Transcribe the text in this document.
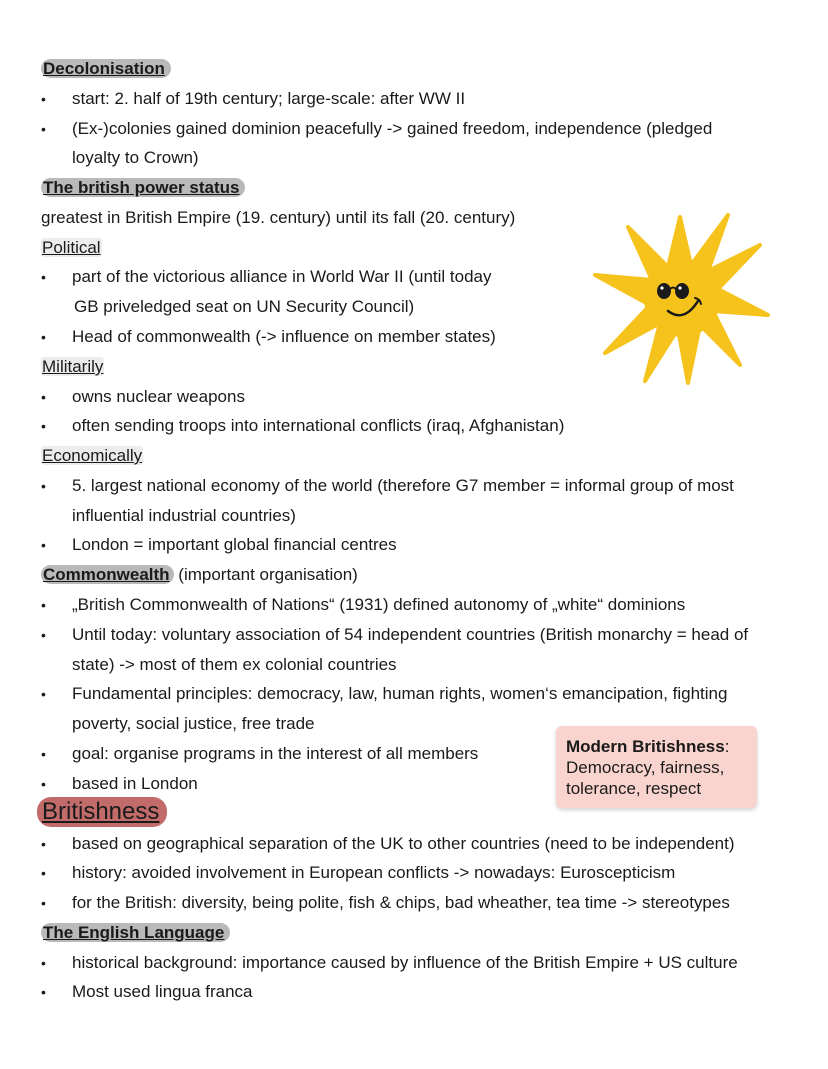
Decolonisation
• start: 2. half of 19th century; large-scale: after WW II
• (Ex-)colonies gained dominion peacefully -> gained freedom, independence (pledged
loyalty to Crown)
The british power status
greatest in British Empire (19. century) until its fall (20. century)
Political
• part of the victorious alliance in World War II (until today
GB priveledged seat on UN Security Council)
• Head of commonwealth (-> influence on member states)
Militarily
• owns nuclear weapons
• often sending troops into international conflicts (iraq, Afghanistan)
Economically
• 5. largest national economy of the world (therefore G7 member = informal group of most
influential industrial countries)
• London = important global financial centres
Commonwealth (important organisation)
• „British Commonwealth of Nations“ (1931) defined autonomy of „white“ dominions
• Until today: voluntary association of 54 independent countries (British monarchy = head of
state) -> most of them ex colonial countries
• Fundamental principles: democracy, law, human rights, women‘s emancipation, fighting
poverty, social justice, free trade
• goal: organise programs in the interest of all members
• based in London
Modern Britishness:
Democracy, fairness,
tolerance, respect
Britishness
• based on geographical separation of the UK to other countries (need to be independent)
• history: avoided involvement in European conflicts -> nowadays: Euroscepticism
• for the British: diversity, being polite, fish & chips, bad wheather, tea time -> stereotypes
The English Language
• historical background: importance caused by influence of the British Empire + US culture
• Most used lingua franca
